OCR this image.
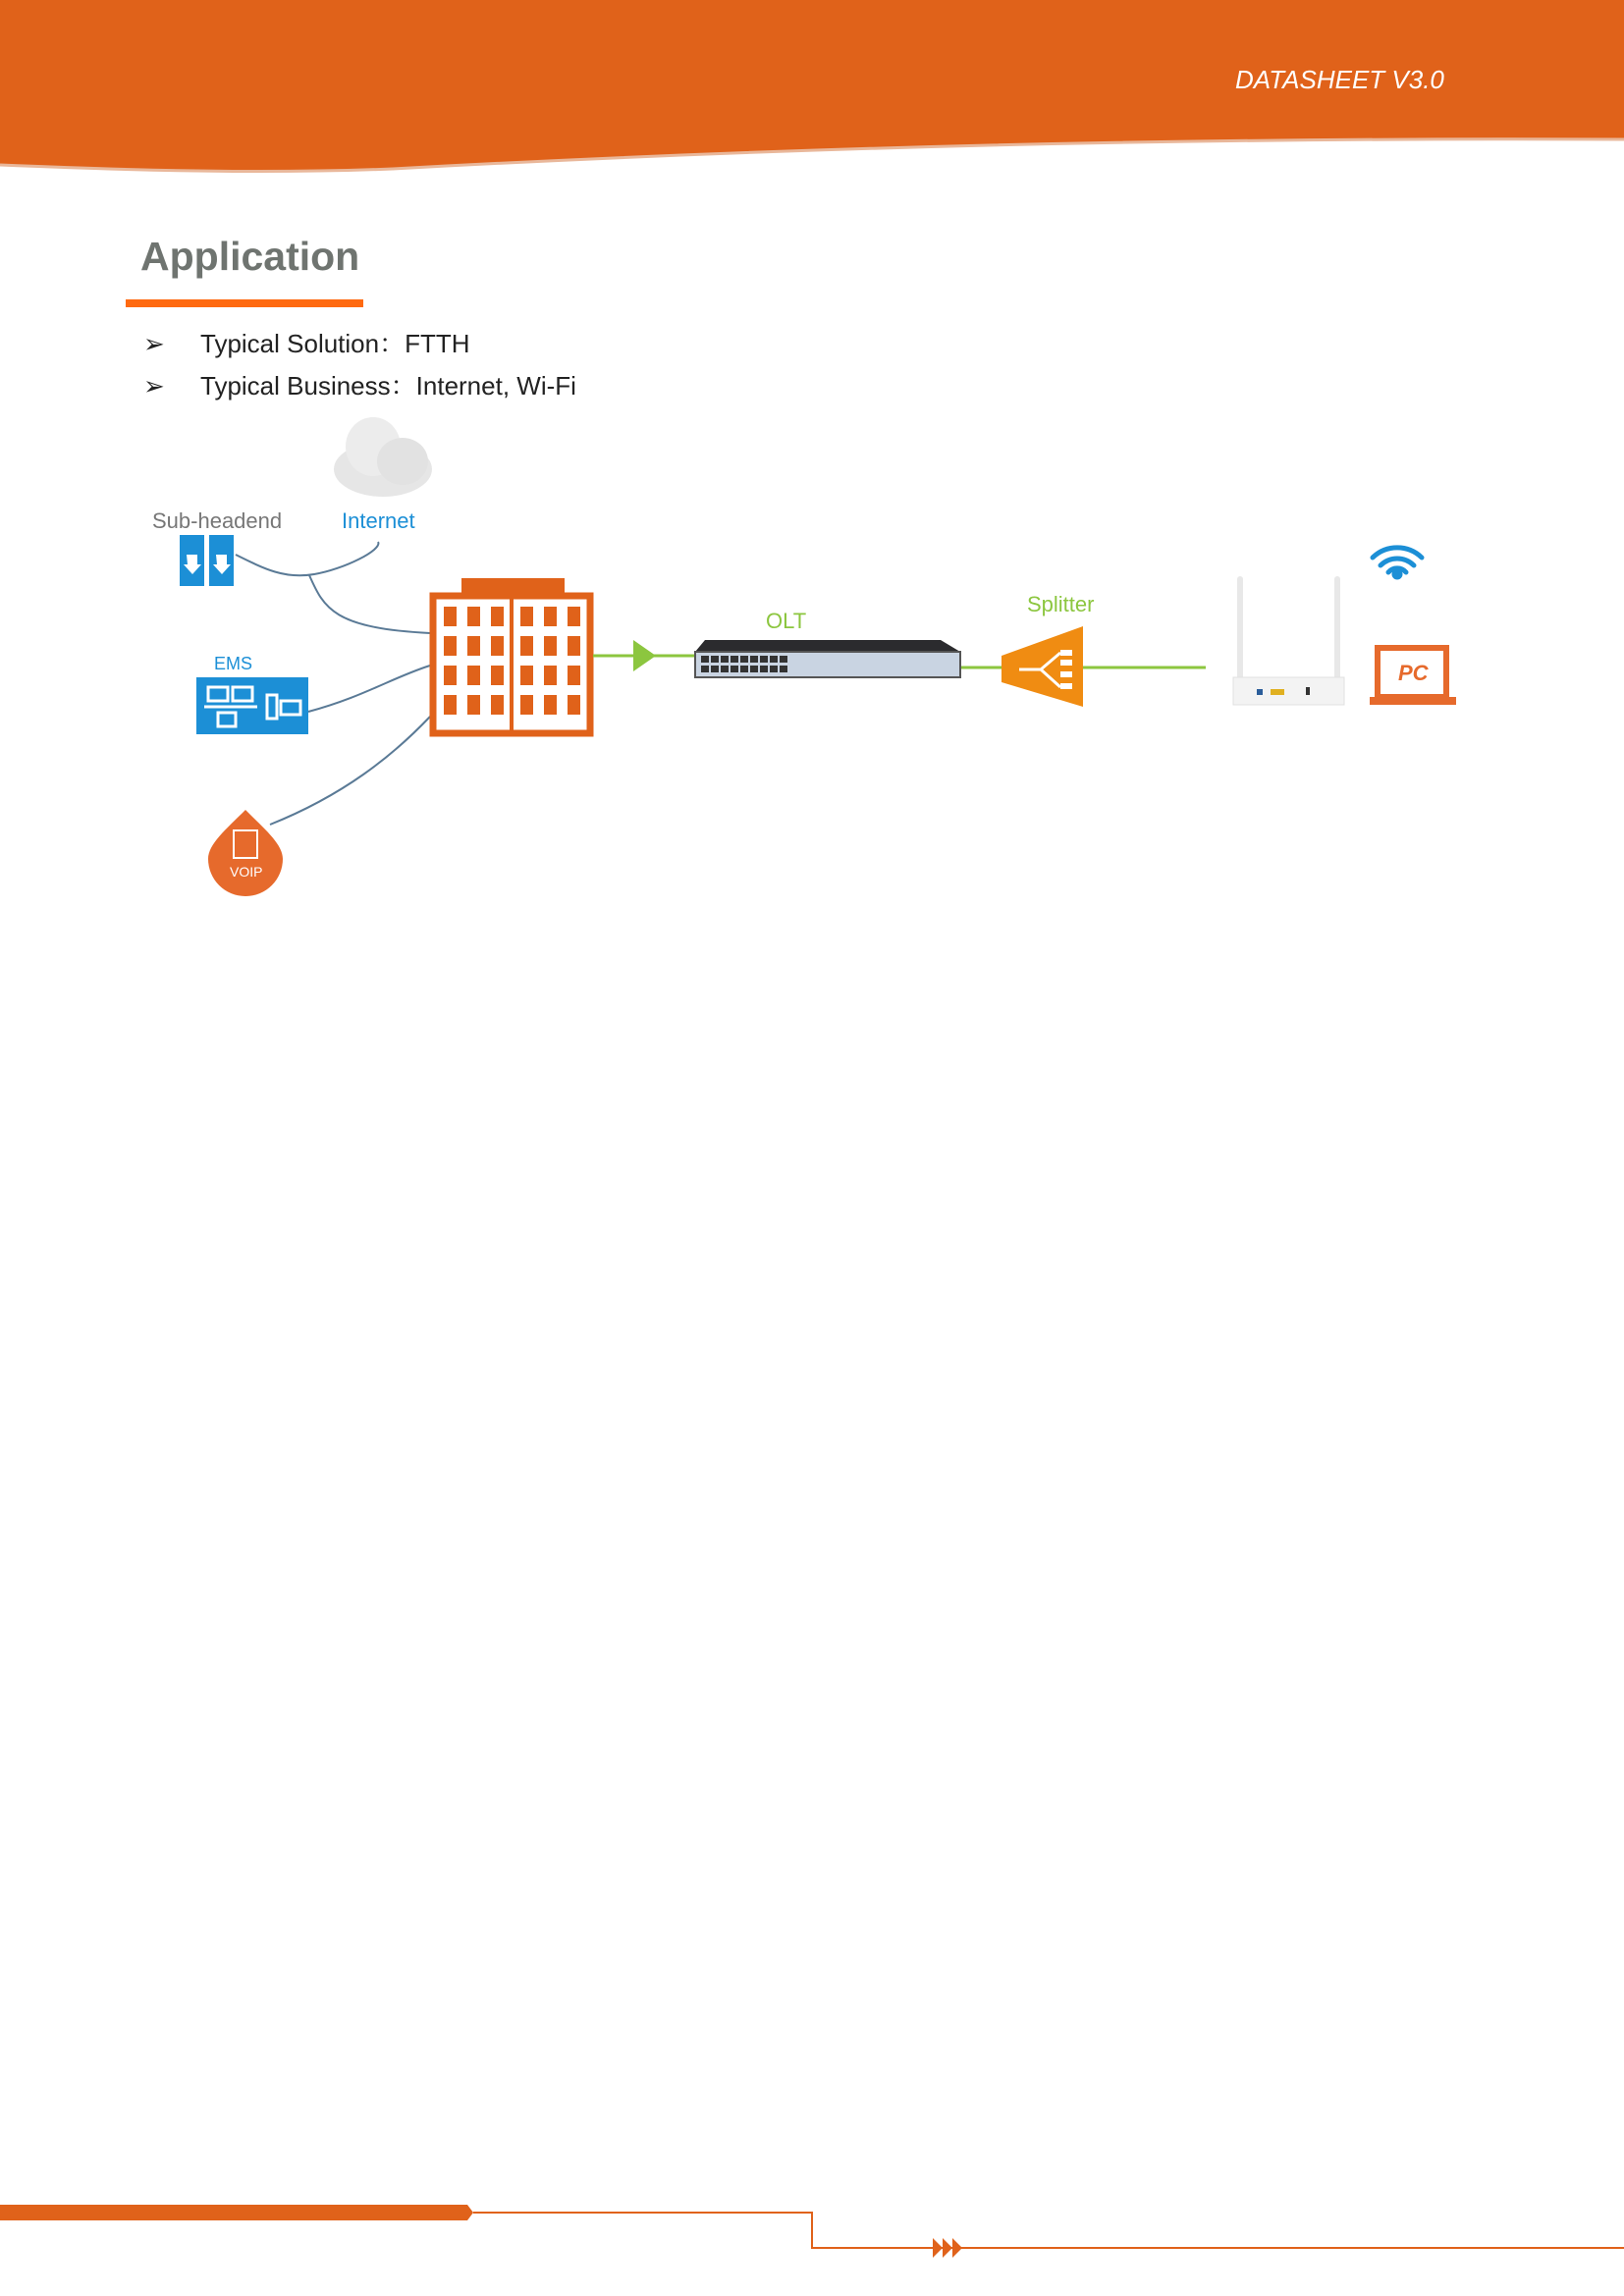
DATASHEET V3.0
Application
➢ Typical Solution：FTTH
➢ Typical Business：Internet, Wi-Fi
Sub-headend	Internet
EMS
VOIP
OLT
Splitter
PC
